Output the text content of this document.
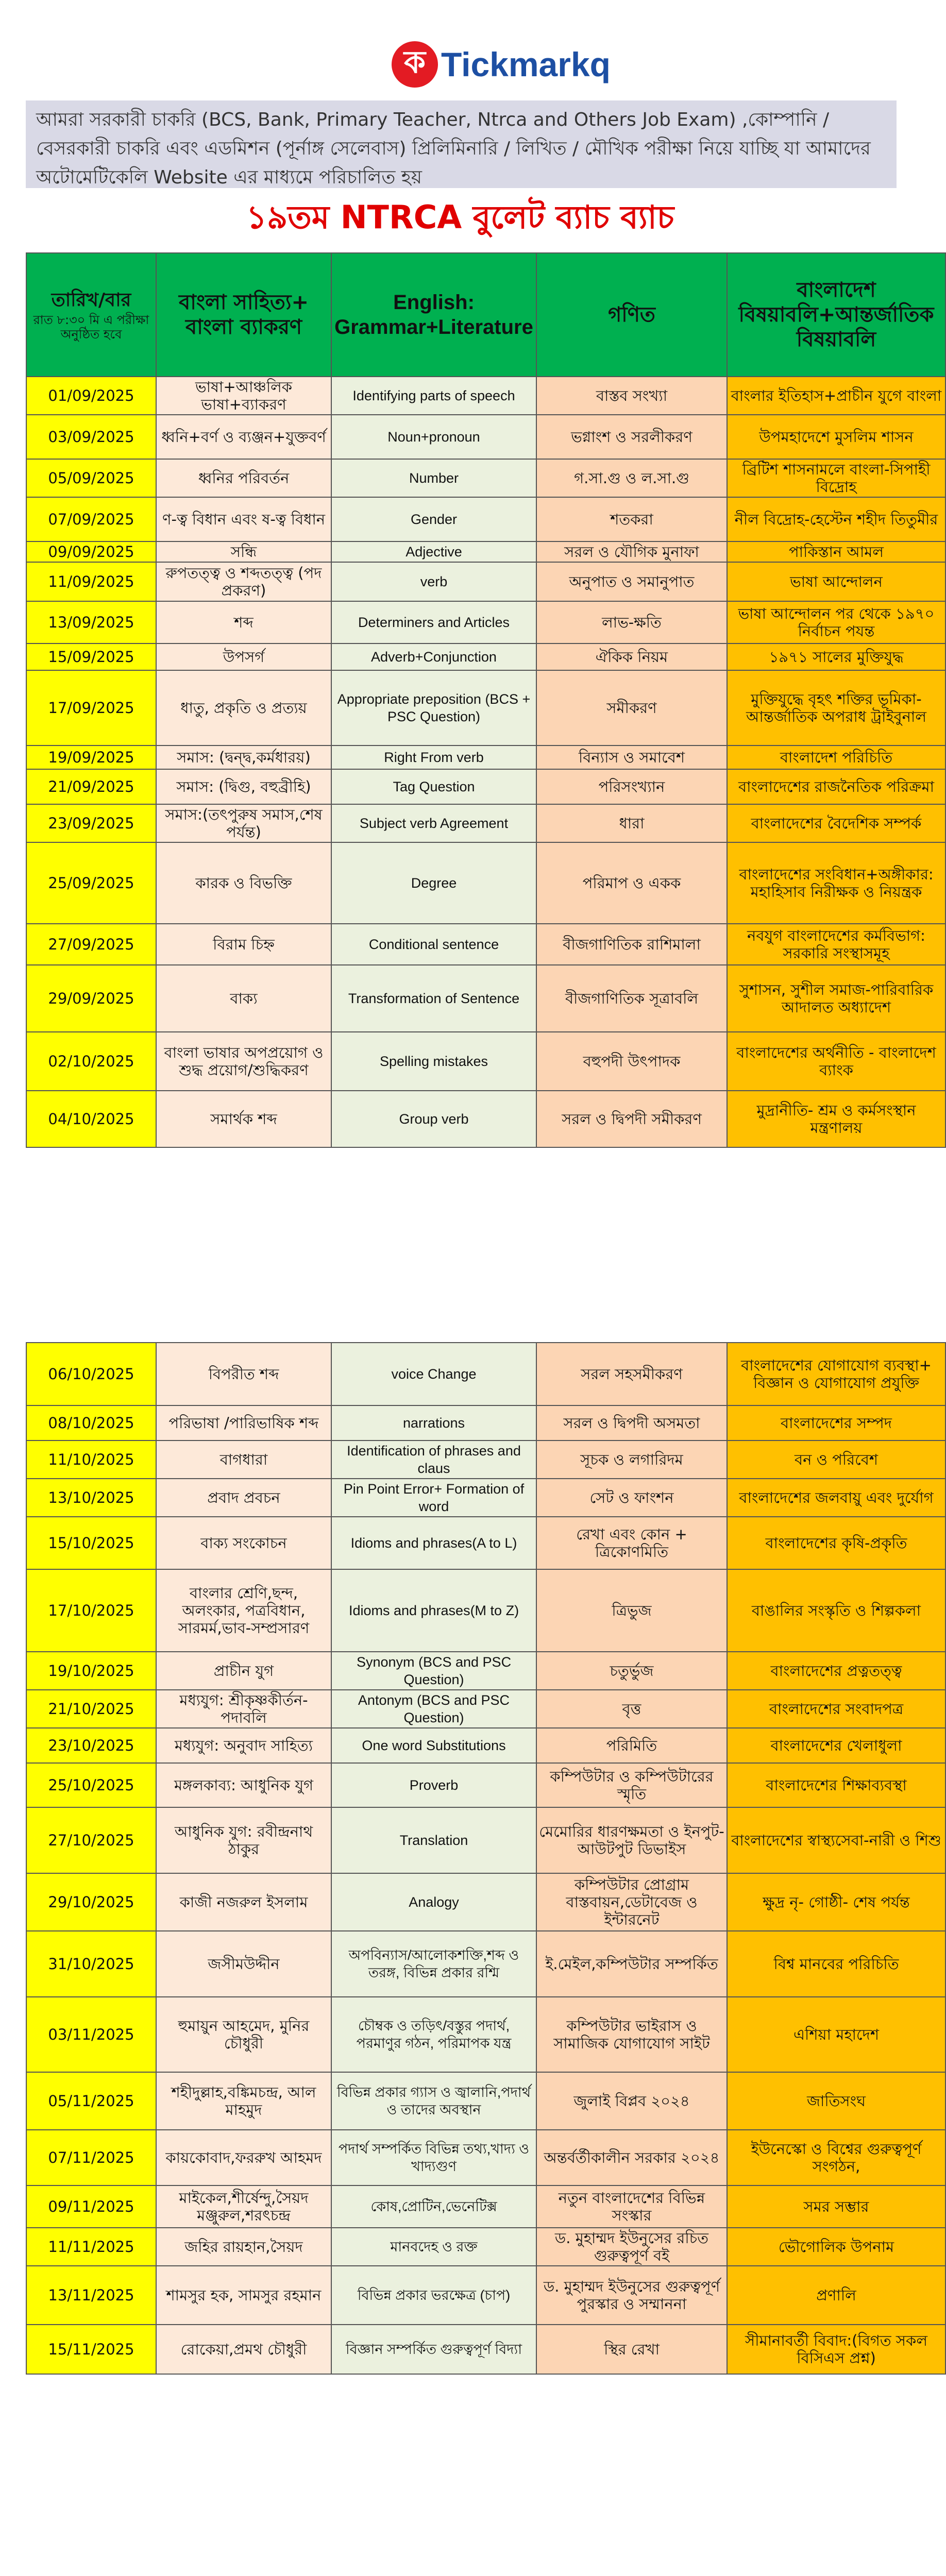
ক Tickmarkq
আমরা সরকারী চাকরি (BCS, Bank, Primary Teacher, Ntrca and Others Job Exam) ,কোম্পানি / বেসরকারী চাকরি এবং এডমিশন (পূর্নাঙ্গ সেলেবাস) প্রিলিমিনারি / লিখিত / মৌখিক পরীক্ষা নিয়ে যাচ্ছি যা আমাদের অটোমেটিকেলি Website এর মাধ্যমে পরিচালিত হয়
১৯তম NTRCA বুলেট ব্যাচ ব্যাচ
তারিখ/বার
রাত ৮:৩০ মি এ পরীক্ষা অনুষ্ঠিত হবে	বাংলা সাহিত্য+ বাংলা ব্যাকরণ	English: Grammar+Literature	গণিত	বাংলাদেশ বিষয়াবলি+আন্তর্জাতিক বিষয়াবলি
01/09/2025	ভাষা+আঞ্চলিক ভাষা+ব্যাকরণ	Identifying parts of speech	বাস্তব সংখ্যা	বাংলার ইতিহাস+প্রাচীন যুগে বাংলা
03/09/2025	ধ্বনি+বর্ণ ও ব্যঞ্জন+যুক্তবর্ণ	Noun+pronoun	ভগ্নাংশ ও সরলীকরণ	উপমহাদেশে মুসলিম শাসন
05/09/2025	ধ্বনির পরিবর্তন	Number	গ.সা.গু ও ল.সা.গু	ব্রিটিশ শাসনামলে বাংলা-সিপাহী বিদ্রোহ
07/09/2025	ণ-ত্ব বিধান এবং ষ-ত্ব বিধান	Gender	শতকরা	নীল বিদ্রোহ-হেস্টেন শহীদ তিতুমীর
09/09/2025	সন্ধি	Adjective	সরল ও যৌগিক মুনাফা	পাকিস্তান আমল
11/09/2025	রুপতত্ত্ব ও শব্দতত্ত্ব (পদ প্রকরণ)	verb	অনুপাত ও সমানুপাত	ভাষা আন্দোলন
13/09/2025	শব্দ	Determiners and Articles	লাভ-ক্ষতি	ভাষা আন্দোলন পর থেকে ১৯৭০ নির্বাচন পযন্ত
15/09/2025	উপসর্গ	Adverb+Conjunction	ঐকিক নিয়ম	১৯৭১ সালের মুক্তিযুদ্ধ
17/09/2025	ধাতু, প্রকৃতি ও প্রত্যয়	Appropriate preposition (BCS + PSC Question)	সমীকরণ	মুক্তিযুদ্ধে বৃহৎ শক্তির ভূমিকা-আন্তর্জাতিক অপরাধ ট্রাইবুনাল
19/09/2025	সমাস: (দ্বন্দ্ব,কর্মধারয়)	Right From verb	বিন্যাস ও সমাবেশ	বাংলাদেশ পরিচিতি
21/09/2025	সমাস: (দ্বিগু, বহুব্রীহি)	Tag Question	পরিসংখ্যান	বাংলাদেশের রাজনৈতিক পরিক্রমা
23/09/2025	সমাস:(তৎপুরুষ সমাস,শেষ পর্যন্ত)	Subject verb Agreement	ধারা	বাংলাদেশের বৈদেশিক সম্পর্ক
25/09/2025	কারক ও বিভক্তি	Degree	পরিমাপ ও একক	বাংলাদেশের সংবিধান+অঙ্গীকার: মহাহিসাব নিরীক্ষক ও নিয়ন্ত্রক
27/09/2025	বিরাম চিহ্ন	Conditional sentence	বীজগাণিতিক রাশিমালা	নবযুগ বাংলাদেশের কর্মবিভাগ: সরকারি সংস্থাসমূহ
29/09/2025	বাক্য	Transformation of Sentence	বীজগাণিতিক সূত্রাবলি	সুশাসন, সুশীল সমাজ-পারিবারিক আদালত অধ্যাদেশ
02/10/2025	বাংলা ভাষার অপপ্রয়োগ ও শুদ্ধ প্রয়োগ/শুদ্ধিকরণ	Spelling mistakes	বহুপদী উৎপাদক	বাংলাদেশের অর্থনীতি - বাংলাদেশ ব্যাংক
04/10/2025	সমার্থক শব্দ	Group verb	সরল ও দ্বিপদী সমীকরণ	মুদ্রানীতি- শ্রম ও কর্মসংস্থান মন্ত্রণালয়
06/10/2025	বিপরীত শব্দ	voice Change	সরল সহসমীকরণ	বাংলাদেশের যোগাযোগ ব্যবস্থা+ বিজ্ঞান ও যোগাযোগ প্রযুক্তি
08/10/2025	পরিভাষা /পারিভাষিক শব্দ	narrations	সরল ও দ্বিপদী অসমতা	বাংলাদেশের সম্পদ
11/10/2025	বাগধারা	Identification of phrases and claus	সূচক ও লগারিদম	বন ও পরিবেশ
13/10/2025	প্রবাদ প্রবচন	Pin Point Error+ Formation of word	সেট ও ফাংশন	বাংলাদেশের জলবায়ু এবং দুর্যোগ
15/10/2025	বাক্য সংকোচন	Idioms and phrases(A to L)	রেখা এবং কোন + ত্রিকোণমিতি	বাংলাদেশের কৃষি-প্রকৃতি
17/10/2025	বাংলার শ্রেণি,ছন্দ, অলংকার, পত্রবিধান, সারমর্ম,ভাব-সম্প্রসারণ	Idioms and phrases(M to Z)	ত্রিভুজ	বাঙালির সংস্কৃতি ও শিল্পকলা
19/10/2025	প্রাচীন যুগ	Synonym (BCS and PSC Question)	চতুর্ভুজ	বাংলাদেশের প্রত্নতত্ত্ব
21/10/2025	মধ্যযুগ: শ্রীকৃষ্ণকীর্তন-পদাবলি	Antonym (BCS and PSC Question)	বৃত্ত	বাংলাদেশের সংবাদপত্র
23/10/2025	মধ্যযুগ: অনুবাদ সাহিত্য	One word Substitutions	পরিমিতি	বাংলাদেশের খেলাধুলা
25/10/2025	মঙ্গলকাব্য: আধুনিক যুগ	Proverb	কম্পিউটার ও কম্পিউটারের স্মৃতি	বাংলাদেশের শিক্ষাব্যবস্থা
27/10/2025	আধুনিক যুগ: রবীন্দ্রনাথ ঠাকুর	Translation	মেমোরির ধারণক্ষমতা ও ইনপুট-আউটপুট ডিভাইস	বাংলাদেশের স্বাস্থ্যসেবা-নারী ও শিশু
29/10/2025	কাজী নজরুল ইসলাম	Analogy	কম্পিউটার প্রোগ্রাম বাস্তবায়ন,ডেটাবেজ ও ইন্টারনেট	ক্ষুদ্র নৃ- গোষ্ঠী- শেষ পর্যন্ত
31/10/2025	জসীমউদ্দীন	অপবিন্যাস/আলোকশক্তি,শব্দ ও তরঙ্গ, বিভিন্ন প্রকার রশ্মি	ই.মেইল,কম্পিউটার সম্পর্কিত	বিশ্ব মানবের পরিচিতি
03/11/2025	হুমায়ুন আহমেদ, মুনির চৌধুরী	চৌম্বক ও তড়িৎ/বস্তুর পদার্থ, পরমাণুর গঠন, পরিমাপক যন্ত্র	কম্পিউটার ভাইরাস ও সামাজিক যোগাযোগ সাইট	এশিয়া মহাদেশ
05/11/2025	শহীদুল্লাহ,বঙ্কিমচন্দ্র, আল মাহমুদ	বিভিন্ন প্রকার গ্যাস ও জ্বালানি,পদার্থ ও তাদের অবস্থান	জুলাই বিপ্লব ২০২৪	জাতিসংঘ
07/11/2025	কায়কোবাদ,ফররুখ আহমদ	পদার্থ সম্পর্কিত বিভিন্ন তথ্য,খাদ্য ও খাদ্যগুণ	অন্তর্বর্তীকালীন সরকার ২০২৪	ইউনেস্কো ও বিশ্বের গুরুত্বপূর্ণ সংগঠন,
09/11/2025	মাইকেল,শীর্ষেন্দু,সৈয়দ মঞ্জুরুল,শরৎচন্দ্র	কোষ,প্রোটিন,ভেনেটিক্স	নতুন বাংলাদেশের বিভিন্ন সংস্কার	সমর সম্ভার
11/11/2025	জহির রায়হান,সৈয়দ	মানবদেহ ও রক্ত	ড. মুহাম্মদ ইউনুসের রচিত গুরুত্বপূর্ণ বই	ভৌগোলিক উপনাম
13/11/2025	শামসুর হক, সামসুর রহমান	বিভিন্ন প্রকার ভরক্ষেত্র (চাপ)	ড. মুহাম্মদ ইউনুসের গুরুত্বপূর্ণ পুরস্কার ও সম্মাননা	প্রণালি
15/11/2025	রোকেয়া,প্রমথ চৌধুরী	বিজ্ঞান সম্পর্কিত গুরুত্বপূর্ণ বিদ্যা	স্থির রেখা	সীমানাবর্তী বিবাদ:(বিগত সকল বিসিএস প্রশ্ন)
